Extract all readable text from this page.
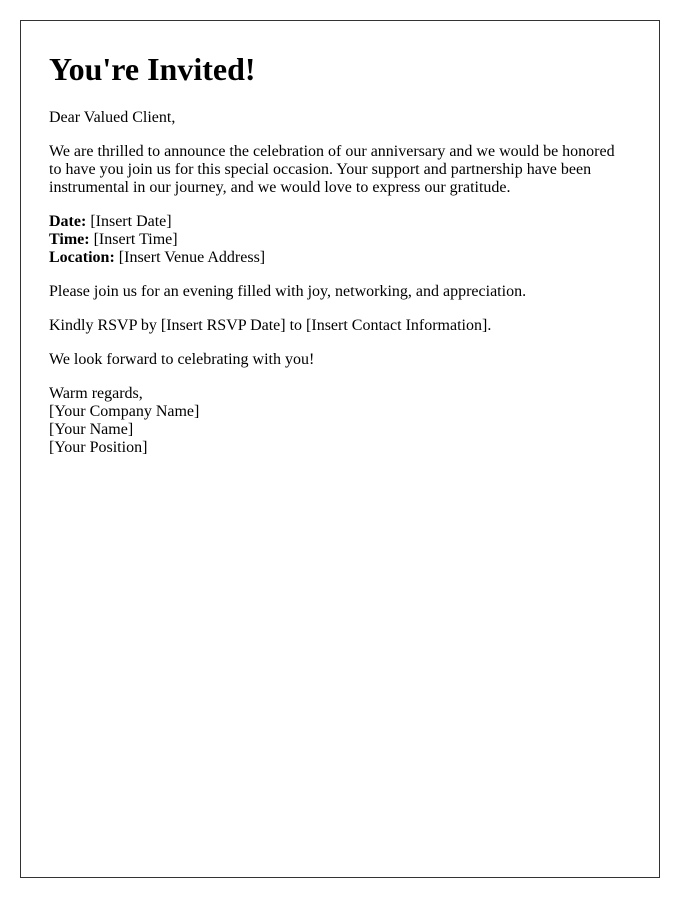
You're Invited!

Dear Valued Client,

We are thrilled to announce the celebration of our anniversary and we would be honored to have you join us for this special occasion. Your support and partnership have been instrumental in our journey, and we would love to express our gratitude.

Date: [Insert Date]
Time: [Insert Time]
Location: [Insert Venue Address]

Please join us for an evening filled with joy, networking, and appreciation.

Kindly RSVP by [Insert RSVP Date] to [Insert Contact Information].

We look forward to celebrating with you!

Warm regards,
[Your Company Name]
[Your Name]
[Your Position]
